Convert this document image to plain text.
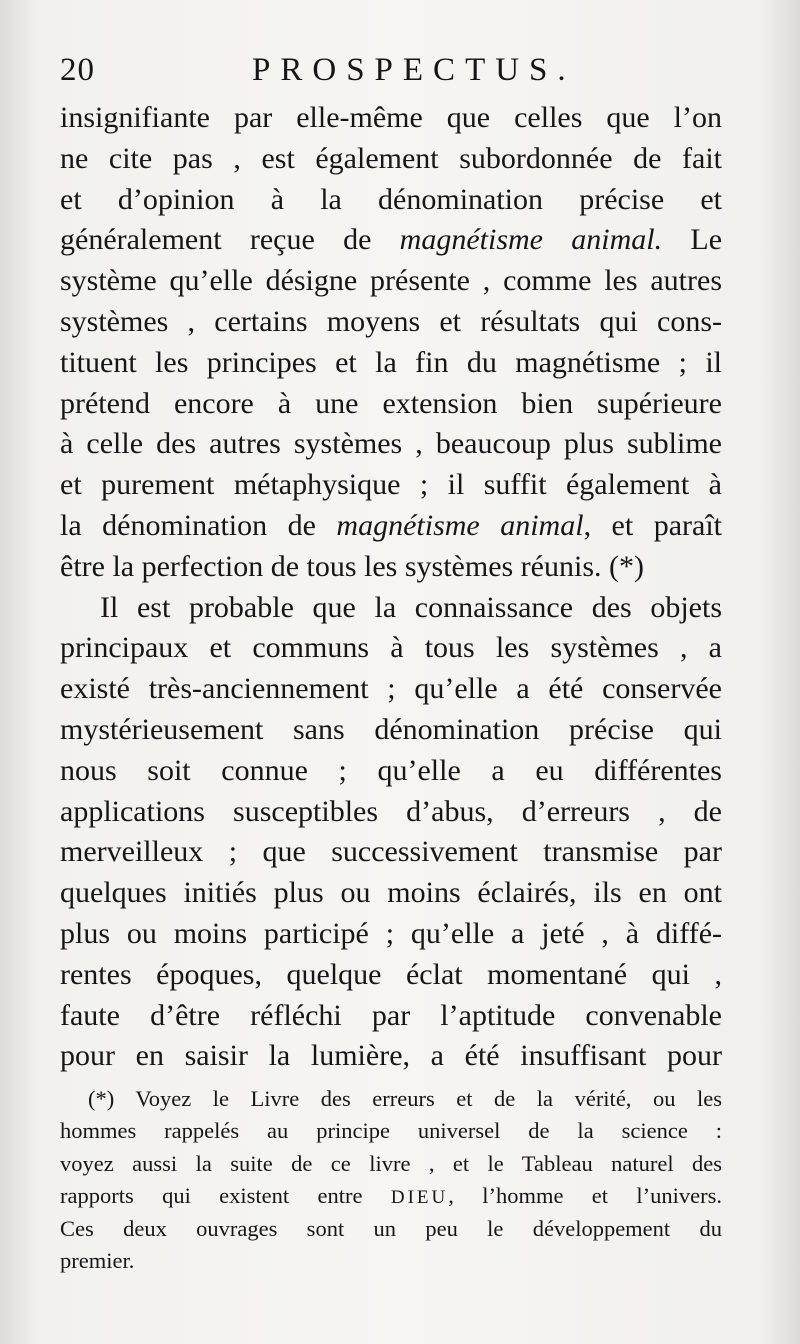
20	PROSPECTUS.
insignifiante par elle-même que celles que l’on
ne cite pas , est également subordonnée de fait
et d’opinion à la dénomination précise et
généralement reçue de magnétisme animal. Le
système qu’elle désigne présente , comme les autres
systèmes , certains moyens et résultats qui cons-
tituent les principes et la fin du magnétisme ; il
prétend encore à une extension bien supérieure
à celle des autres systèmes , beaucoup plus sublime
et purement métaphysique ; il suffit également à
la dénomination de magnétisme animal, et paraît
être la perfection de tous les systèmes réunis. (*)
Il est probable que la connaissance des objets
principaux et communs à tous les systèmes , a
existé très-anciennement ; qu’elle a été conservée
mystérieusement sans dénomination précise qui
nous soit connue ; qu’elle a eu différentes
applications susceptibles d’abus, d’erreurs , de
merveilleux ; que successivement transmise par
quelques initiés plus ou moins éclairés, ils en ont
plus ou moins participé ; qu’elle a jeté , à diffé-
rentes époques, quelque éclat momentané qui ,
faute d’être réfléchi par l’aptitude convenable
pour en saisir la lumière, a été insuffisant pour
(*) Voyez le Livre des erreurs et de la vérité, ou les
hommes rappelés au principe universel de la science :
voyez aussi la suite de ce livre , et le Tableau naturel des
rapports qui existent entre DIEU, l’homme et l’univers.
Ces deux ouvrages sont un peu le développement du
premier.
